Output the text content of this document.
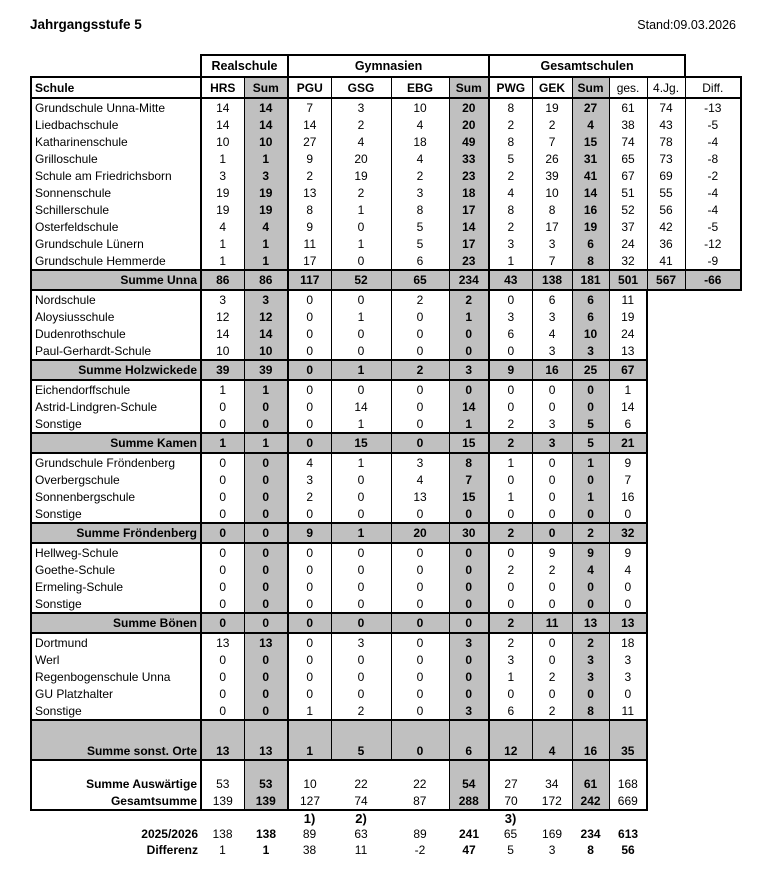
Jahrgangsstufe 5	Stand:09.03.2026
	Realschule		Gymnasien				Gesamtschulen					
Schule	HRS	Sum	PGU	GSG	EBG	Sum	PWG	GEK	Sum	ges.	4.Jg.	Diff.
Grundschule Unna-Mitte	14	14	7	3	10	20	8	19	27	61	74	-13
Liedbachschule	14	14	14	2	4	20	2	2	4	38	43	-5
Katharinenschule	10	10	27	4	18	49	8	7	15	74	78	-4
Grilloschule	1	1	9	20	4	33	5	26	31	65	73	-8
Schule am Friedrichsborn	3	3	2	19	2	23	2	39	41	67	69	-2
Sonnenschule	19	19	13	2	3	18	4	10	14	51	55	-4
Schillerschule	19	19	8	1	8	17	8	8	16	52	56	-4
Osterfeldschule	4	4	9	0	5	14	2	17	19	37	42	-5
Grundschule Lünern	1	1	11	1	5	17	3	3	6	24	36	-12
Grundschule Hemmerde	1	1	17	0	6	23	1	7	8	32	41	-9
Summe Unna	86	86	117	52	65	234	43	138	181	501	567	-66
Nordschule	3	3	0	0	2	2	0	6	6	11		
Aloysiusschule	12	12	0	1	0	1	3	3	6	19		
Dudenrothschule	14	14	0	0	0	0	6	4	10	24		
Paul-Gerhardt-Schule	10	10	0	0	0	0	0	3	3	13		
Summe Holzwickede	39	39	0	1	2	3	9	16	25	67		
Eichendorffschule	1	1	0	0	0	0	0	0	0	1		
Astrid-Lindgren-Schule	0	0	0	14	0	14	0	0	0	14		
Sonstige	0	0	0	1	0	1	2	3	5	6		
Summe Kamen	1	1	0	15	0	15	2	3	5	21		
Grundschule Fröndenberg	0	0	4	1	3	8	1	0	1	9		
Overbergschule	0	0	3	0	4	7	0	0	0	7		
Sonnenbergschule	0	0	2	0	13	15	1	0	1	16		
Sonstige	0	0	0	0	0	0	0	0	0	0		
Summe Fröndenberg	0	0	9	1	20	30	2	0	2	32		
Hellweg-Schule	0	0	0	0	0	0	0	9	9	9		
Goethe-Schule	0	0	0	0	0	0	2	2	4	4		
Ermeling-Schule	0	0	0	0	0	0	0	0	0	0		
Sonstige	0	0	0	0	0	0	0	0	0	0		
Summe Bönen	0	0	0	0	0	0	2	11	13	13		
Dortmund	13	13	0	3	0	3	2	0	2	18		
Werl	0	0	0	0	0	0	3	0	3	3		
Regenbogenschule Unna	0	0	0	0	0	0	1	2	3	3		
GU Platzhalter	0	0	0	0	0	0	0	0	0	0		
Sonstige	0	0	1	2	0	3	6	2	8	11		
Summe sonst. Orte	13	13	1	5	0	6	12	4	16	35		

Summe Auswärtige	53	53	10	22	22	54	27	34	61	168		
Gesamtsumme	139	139	127	74	87	288	70	172	242	669		

			1)	2)			3)					
2025/2026	138	138	89	63	89	241	65	169	234	613		
Differenz	1	1	38	11	-2	47	5	3	8	56		
